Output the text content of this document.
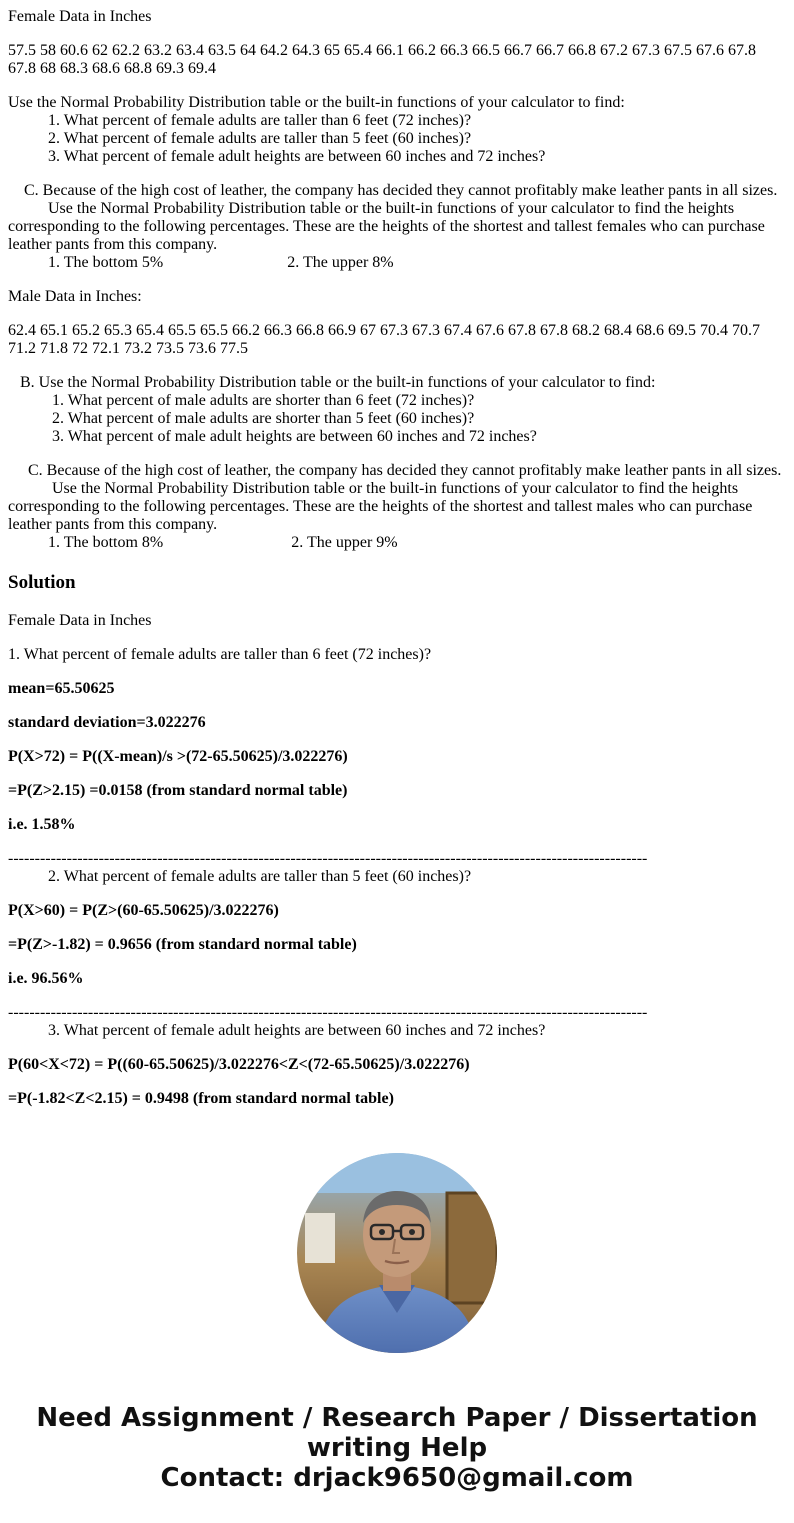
Female Data in Inches

57.5 58 60.6 62 62.2 63.2 63.4 63.5 64 64.2 64.3 65 65.4 66.1 66.2 66.3 66.5 66.7 66.7 66.8 67.2 67.3 67.5 67.6 67.8 67.8 68 68.3 68.6 68.8 69.3 69.4

Use the Normal Probability Distribution table or the built-in functions of your calculator to find:
1. What percent of female adults are taller than 6 feet (72 inches)?
2. What percent of female adults are taller than 5 feet (60 inches)?
3. What percent of female adult heights are between 60 inches and 72 inches?

C. Because of the high cost of leather, the company has decided they cannot profitably make leather pants in all sizes.
Use the Normal Probability Distribution table or the built-in functions of your calculator to find the heights corresponding to the following percentages. These are the heights of the shortest and tallest females who can purchase leather pants from this company.
1. The bottom 5%	2. The upper 8%

Male Data in Inches:

62.4 65.1 65.2 65.3 65.4 65.5 65.5 66.2 66.3 66.8 66.9 67 67.3 67.3 67.4 67.6 67.8 67.8 68.2 68.4 68.6 69.5 70.4 70.7 71.2 71.8 72 72.1 73.2 73.5 73.6 77.5

B. Use the Normal Probability Distribution table or the built-in functions of your calculator to find:
1. What percent of male adults are shorter than 6 feet (72 inches)?
2. What percent of male adults are shorter than 5 feet (60 inches)?
3. What percent of male adult heights are between 60 inches and 72 inches?

C. Because of the high cost of leather, the company has decided they cannot profitably make leather pants in all sizes.
Use the Normal Probability Distribution table or the built-in functions of your calculator to find the heights corresponding to the following percentages. These are the heights of the shortest and tallest males who can purchase leather pants from this company.
1. The bottom 8%	2. The upper 9%

Solution

Female Data in Inches

1. What percent of female adults are taller than 6 feet (72 inches)?

mean=65.50625

standard deviation=3.022276

P(X>72) = P((X-mean)/s >(72-65.50625)/3.022276)

=P(Z>2.15) =0.0158 (from standard normal table)

i.e. 1.58%

------------------------------------------------------------------------------------------------------------------------
2. What percent of female adults are taller than 5 feet (60 inches)?

P(X>60) = P(Z>(60-65.50625)/3.022276)

=P(Z>-1.82) = 0.9656 (from standard normal table)

i.e. 96.56%

------------------------------------------------------------------------------------------------------------------------
3. What percent of female adult heights are between 60 inches and 72 inches?

P(60<X<72) = P((60-65.50625)/3.022276<Z<(72-65.50625)/3.022276)

=P(-1.82<Z<2.15) = 0.9498 (from standard normal table)

Need Assignment / Research Paper / Dissertation
writing Help
Contact: drjack9650@gmail.com
